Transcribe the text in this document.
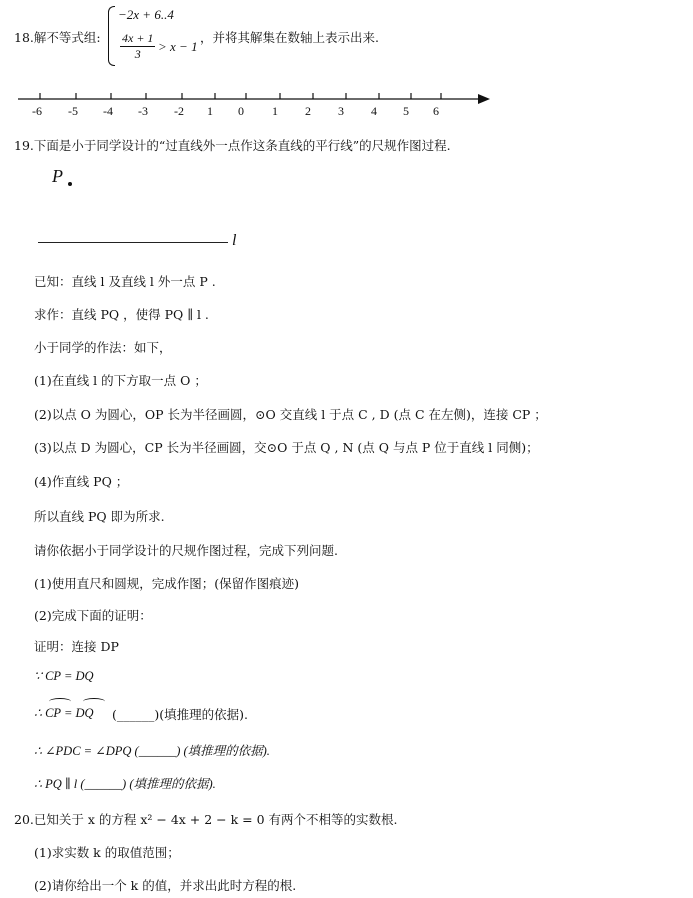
18.解不等式组:
−2x + 6..4
$\frac{4x + 1}{3} > x - 1$
，并将其解集在数轴上表示出来.
-6 -5 -4 -3 -2 1 0 1 2 3 4 5 6
19.下面是小于同学设计的“过直线外一点作这条直线的平行线”的尺规作图过程.
P
l
已知：直线 l 及直线 l 外一点 P .
求作：直线 PQ ，使得 PQ ∥ l .
小于同学的作法：如下，
(1)在直线 l 的下方取一点 O ；
(2)以点 O 为圆心，OP 长为半径画圆，⊙O 交直线 l 于点 C , D (点 C 在左侧)，连接 CP ；
(3)以点 D 为圆心，CP 长为半径画圆，交⊙O 于点 Q , N (点 Q 与点 P 位于直线 l 同侧)；
(4)作直线 PQ ；
所以直线 PQ 即为所求.
请你依据小于同学设计的尺规作图过程，完成下列问题.
(1)使用直尺和圆规，完成作图；(保留作图痕迹)
(2)完成下面的证明：
证明：连接 DP
∵ CP = DQ
∴ CP = DQ (______)(填推理的依据).
∴ ∠PDC = ∠DPQ (______) (填推理的依据).
∴ PQ ∥ l (______) (填推理的依据).
20.已知关于 x 的方程 x² − 4x + 2 − k = 0 有两个不相等的实数根.
(1)求实数 k 的取值范围；
(2)请你给出一个 k 的值，并求出此时方程的根.
